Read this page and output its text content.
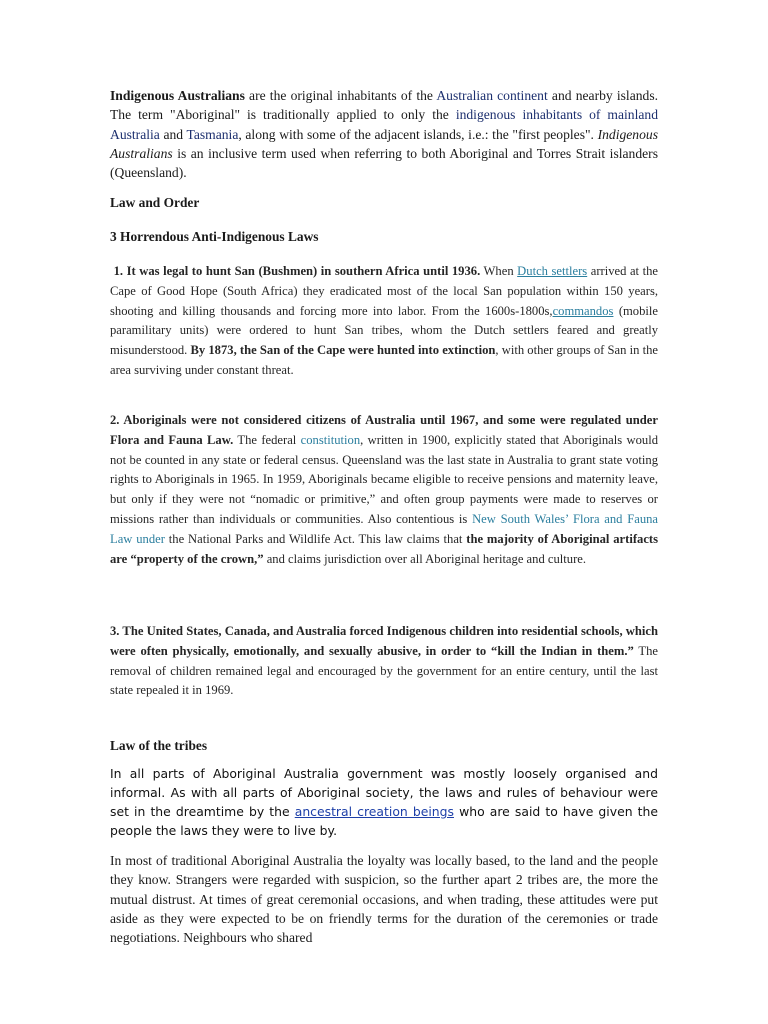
Indigenous Australians are the original inhabitants of the Australian continent and nearby islands. The term "Aboriginal" is traditionally applied to only the indigenous inhabitants of mainland Australia and Tasmania, along with some of the adjacent islands, i.e.: the "first peoples". Indigenous Australians is an inclusive term used when referring to both Aboriginal and Torres Strait islanders (Queensland).

Law and Order
3 Horrendous Anti-Indigenous Laws

1. It was legal to hunt San (Bushmen) in southern Africa until 1936. When Dutch settlers arrived at the Cape of Good Hope (South Africa) they eradicated most of the local San population within 150 years, shooting and killing thousands and forcing more into labor. From the 1600s-1800s,commandos (mobile paramilitary units) were ordered to hunt San tribes, whom the Dutch settlers feared and greatly misunderstood. By 1873, the San of the Cape were hunted into extinction, with other groups of San in the area surviving under constant threat.

2. Aboriginals were not considered citizens of Australia until 1967, and some were regulated under Flora and Fauna Law. The federal constitution, written in 1900, explicitly stated that Aboriginals would not be counted in any state or federal census. Queensland was the last state in Australia to grant state voting rights to Aboriginals in 1965. In 1959, Aboriginals became eligible to receive pensions and maternity leave, but only if they were not “nomadic or primitive,” and often group payments were made to reserves or missions rather than individuals or communities. Also contentious is New South Wales’ Flora and Fauna Law under the National Parks and Wildlife Act. This law claims that the majority of Aboriginal artifacts are “property of the crown,” and claims jurisdiction over all Aboriginal heritage and culture.

3. The United States, Canada, and Australia forced Indigenous children into residential schools, which were often physically, emotionally, and sexually abusive, in order to “kill the Indian in them.” The removal of children remained legal and encouraged by the government for an entire century, until the last state repealed it in 1969.

Law of the tribes

In all parts of Aboriginal Australia government was mostly loosely organised and informal. As with all parts of Aboriginal society, the laws and rules of behaviour were set in the dreamtime by the ancestral creation beings who are said to have given the people the laws they were to live by.

In most of traditional Aboriginal Australia the loyalty was locally based, to the land and the people they know. Strangers were regarded with suspicion, so the further apart 2 tribes are, the more the mutual distrust. At times of great ceremonial occasions, and when trading, these attitudes were put aside as they were expected to be on friendly terms for the duration of the ceremonies or trade negotiations. Neighbours who shared
